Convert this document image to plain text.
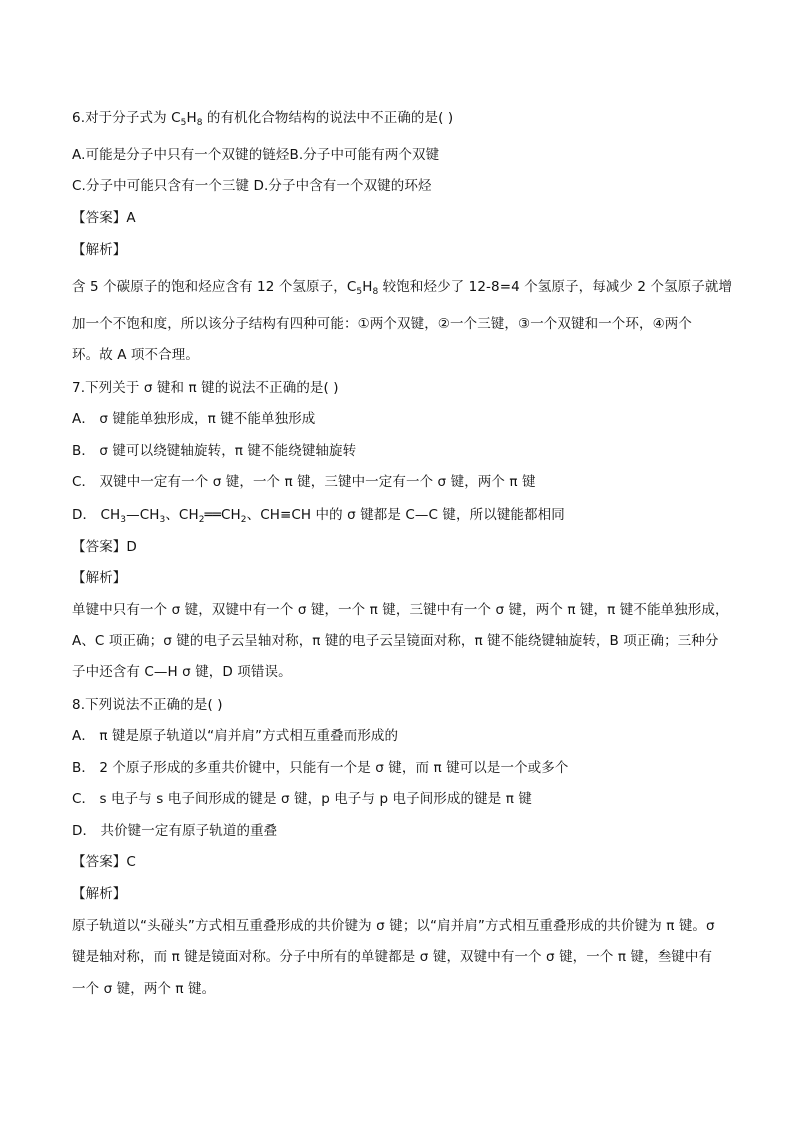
6.对于分子式为 $C_5H_8$ 的有机化合物结构的说法中不正确的是( )
A.可能是分子中只有一个双键的链烃B.分子中可能有两个双键
C.分子中可能只含有一个三键 D.分子中含有一个双键的环烃
【答案】A
【解析】
含 5 个碳原子的饱和烃应含有 12 个氢原子，$C_5H_8$ 较饱和烃少了 12-8=4 个氢原子，每减少 2 个氢原子就增
加一个不饱和度，所以该分子结构有四种可能：①两个双键，②一个三键，③一个双键和一个环，④两个
环。故 A 项不合理。
7.下列关于 σ 键和 π 键的说法不正确的是( )
A． σ 键能单独形成，π 键不能单独形成
B． σ 键可以绕键轴旋转，π 键不能绕键轴旋转
C． 双键中一定有一个 σ 键，一个 π 键，三键中一定有一个 σ 键，两个 π 键
D． $CH_3—CH_3$、$CH_2══CH_2$、CH≡CH 中的 σ 键都是 C—C 键，所以键能都相同
【答案】D
【解析】
单键中只有一个 σ 键，双键中有一个 σ 键，一个 π 键，三键中有一个 σ 键，两个 π 键，π 键不能单独形成，
A、C 项正确；σ 键的电子云呈轴对称，π 键的电子云呈镜面对称，π 键不能绕键轴旋转，B 项正确；三种分
子中还含有 C—H σ 键，D 项错误。
8.下列说法不正确的是( )
A． π 键是原子轨道以“肩并肩”方式相互重叠而形成的
B． 2 个原子形成的多重共价键中，只能有一个是 σ 键，而 π 键可以是一个或多个
C． s 电子与 s 电子间形成的键是 σ 键，p 电子与 p 电子间形成的键是 π 键
D． 共价键一定有原子轨道的重叠
【答案】C
【解析】
原子轨道以“头碰头”方式相互重叠形成的共价键为 σ 键；以“肩并肩”方式相互重叠形成的共价键为 π 键。σ
键是轴对称，而 π 键是镜面对称。分子中所有的单键都是 σ 键，双键中有一个 σ 键，一个 π 键，叁键中有
一个 σ 键，两个 π 键。
